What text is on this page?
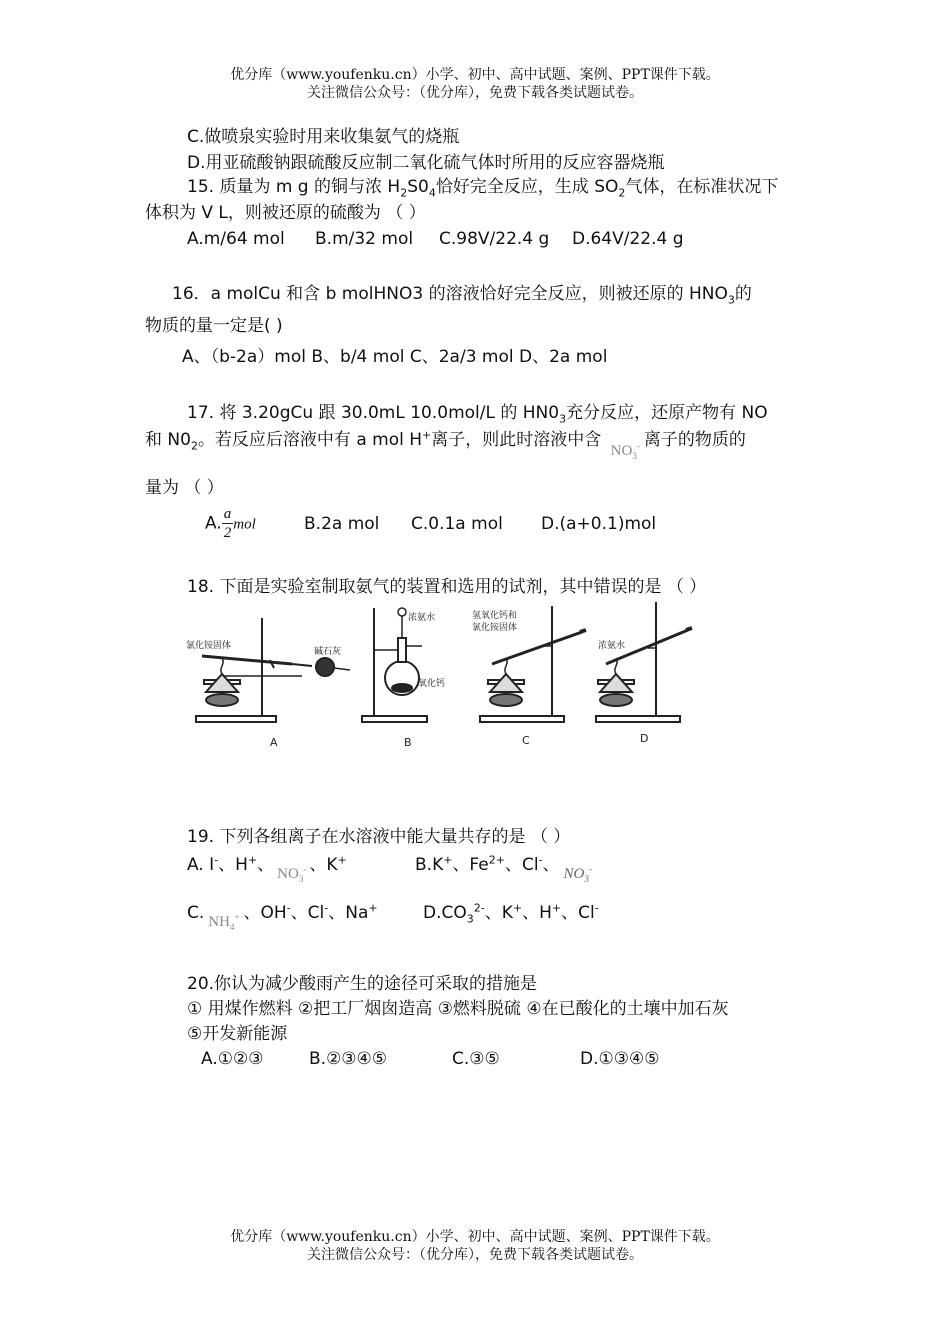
优分库（www.youfenku.cn）小学、初中、高中试题、案例、PPT课件下载。
关注微信公众号：（优分库），免费下载各类试题试卷。
C.做喷泉实验时用来收集氨气的烧瓶
D.用亚硫酸钠跟硫酸反应制二氧化硫气体时所用的反应容器烧瓶
15. 质量为 m g 的铜与浓 $H_2S0_4$恰好完全反应，生成 $SO_2$气体，在标准状况下
体积为 V L，则被还原的硫酸为 （ ）
A.m/64 mol B.m/32 mol C.98V/22.4 g D.64V/22.4 g
16．a molCu 和含 b molHNO3 的溶液恰好完全反应，则被还原的 $HNO_3$的
物质的量一定是( )
A、（b-2a）mol B、b/4 mol C、2a/3 mol D、2a mol
17. 将 3.20gCu 跟 30.0mL 10.0mol/L 的 $HN0_3$充分反应，还原产物有 NO
和 $N0_2$。若反应后溶液中有 a mol H+离子，则此时溶液中含 $NO_3^-$ 离子的物质的
量为 （ ）
A. $\frac{a}{2}$ mol	B.2a mol C.0.1a mol D.(a+0.1)mol
18. 下面是实验室制取氨气的装置和选用的试剂，其中错误的是 （ ）
氯化铵固体
碱石灰
浓氨水
氧化钙
氢氧化钙和
氯化铵固体
浓氨水
A	B	C	D
19. 下列各组离子在水溶液中能大量共存的是 （ ）
A. I-、H+、 $NO_3^-$ 、K+	B.K+、$Fe^{2+}$、Cl-、 $NO_3^-$
C. $NH_4^+$ 、OH-、Cl-、Na+	$D.CO_3^{2-}$、K+、H+、Cl-
20.你认为减少酸雨产生的途径可采取的措施是
① 用煤作燃料 ②把工厂烟囱造高 ③燃料脱硫 ④在已酸化的土壤中加石灰
⑤开发新能源
A.①②③	B.②③④⑤	C.③⑤	D.①③④⑤
优分库（www.youfenku.cn）小学、初中、高中试题、案例、PPT课件下载。
关注微信公众号：（优分库），免费下载各类试题试卷。
